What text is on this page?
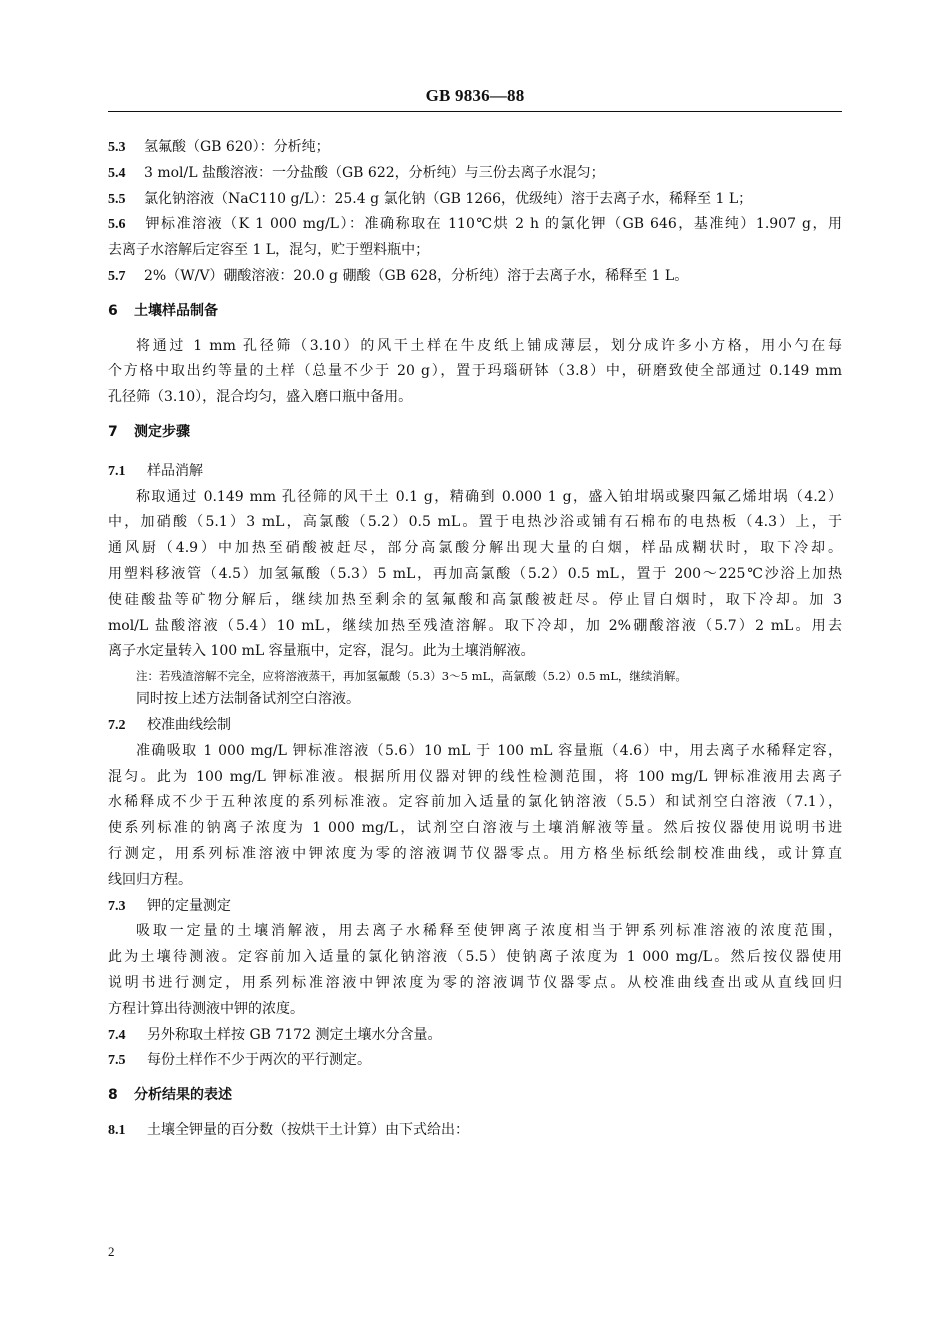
GB 9836—88
5.3 氢氟酸（GB 620）：分析纯；
5.4 3 mol/L 盐酸溶液：一分盐酸（GB 622，分析纯）与三份去离子水混匀；
5.5 氯化钠溶液（NaC110 g/L）：25.4 g 氯化钠（GB 1266，优级纯）溶于去离子水，稀释至 1 L；
5.6 钾标准溶液（K 1 000 mg/L）：准确称取在 110℃烘 2 h 的氯化钾（GB 646，基准纯）1.907 g，用
去离子水溶解后定容至 1 L，混匀，贮于塑料瓶中；
5.7 2%（W/V）硼酸溶液：20.0 g 硼酸（GB 628，分析纯）溶于去离子水，稀释至 1 L。
6 土壤样品制备
将通过 1 mm 孔径筛（3.10）的风干土样在牛皮纸上铺成薄层，划分成许多小方格，用小勺在每
个方格中取出约等量的土样（总量不少于 20 g），置于玛瑙研钵（3.8）中，研磨致使全部通过 0.149 mm
孔径筛（3.10），混合均匀，盛入磨口瓶中备用。
7 测定步骤
7.1 样品消解
称取通过 0.149 mm 孔径筛的风干土 0.1 g，精确到 0.000 1 g，盛入铂坩埚或聚四氟乙烯坩埚（4.2）
中，加硝酸（5.1）3 mL，高氯酸（5.2）0.5 mL。置于电热沙浴或铺有石棉布的电热板（4.3）上，于
通风厨（4.9）中加热至硝酸被赶尽，部分高氯酸分解出现大量的白烟，样品成糊状时，取下冷却。
用塑料移液管（4.5）加氢氟酸（5.3）5 mL，再加高氯酸（5.2）0.5 mL，置于 200～225℃沙浴上加热
使硅酸盐等矿物分解后，继续加热至剩余的氢氟酸和高氯酸被赶尽。停止冒白烟时，取下冷却。加 3
mol/L 盐酸溶液（5.4）10 mL，继续加热至残渣溶解。取下冷却，加 2%硼酸溶液（5.7）2 mL。用去
离子水定量转入 100 mL 容量瓶中，定容，混匀。此为土壤消解液。
注：若残渣溶解不完全，应将溶液蒸干，再加氢氟酸（5.3）3～5 mL，高氯酸（5.2）0.5 mL，继续消解。
同时按上述方法制备试剂空白溶液。
7.2 校准曲线绘制
准确吸取 1 000 mg/L 钾标准溶液（5.6）10 mL 于 100 mL 容量瓶（4.6）中，用去离子水稀释定容，
混匀。此为 100 mg/L 钾标准液。根据所用仪器对钾的线性检测范围，将 100 mg/L 钾标准液用去离子
水稀释成不少于五种浓度的系列标准液。定容前加入适量的氯化钠溶液（5.5）和试剂空白溶液（7.1），
使系列标准的钠离子浓度为 1 000 mg/L，试剂空白溶液与土壤消解液等量。然后按仪器使用说明书进
行测定，用系列标准溶液中钾浓度为零的溶液调节仪器零点。用方格坐标纸绘制校准曲线，或计算直
线回归方程。
7.3 钾的定量测定
吸取一定量的土壤消解液，用去离子水稀释至使钾离子浓度相当于钾系列标准溶液的浓度范围，
此为土壤待测液。定容前加入适量的氯化钠溶液（5.5）使钠离子浓度为 1 000 mg/L。然后按仪器使用
说明书进行测定，用系列标准溶液中钾浓度为零的溶液调节仪器零点。从校准曲线查出或从直线回归
方程计算出待测液中钾的浓度。
7.4 另外称取土样按 GB 7172 测定土壤水分含量。
7.5 每份土样作不少于两次的平行测定。
8 分析结果的表述
8.1 土壤全钾量的百分数（按烘干土计算）由下式给出：
2
